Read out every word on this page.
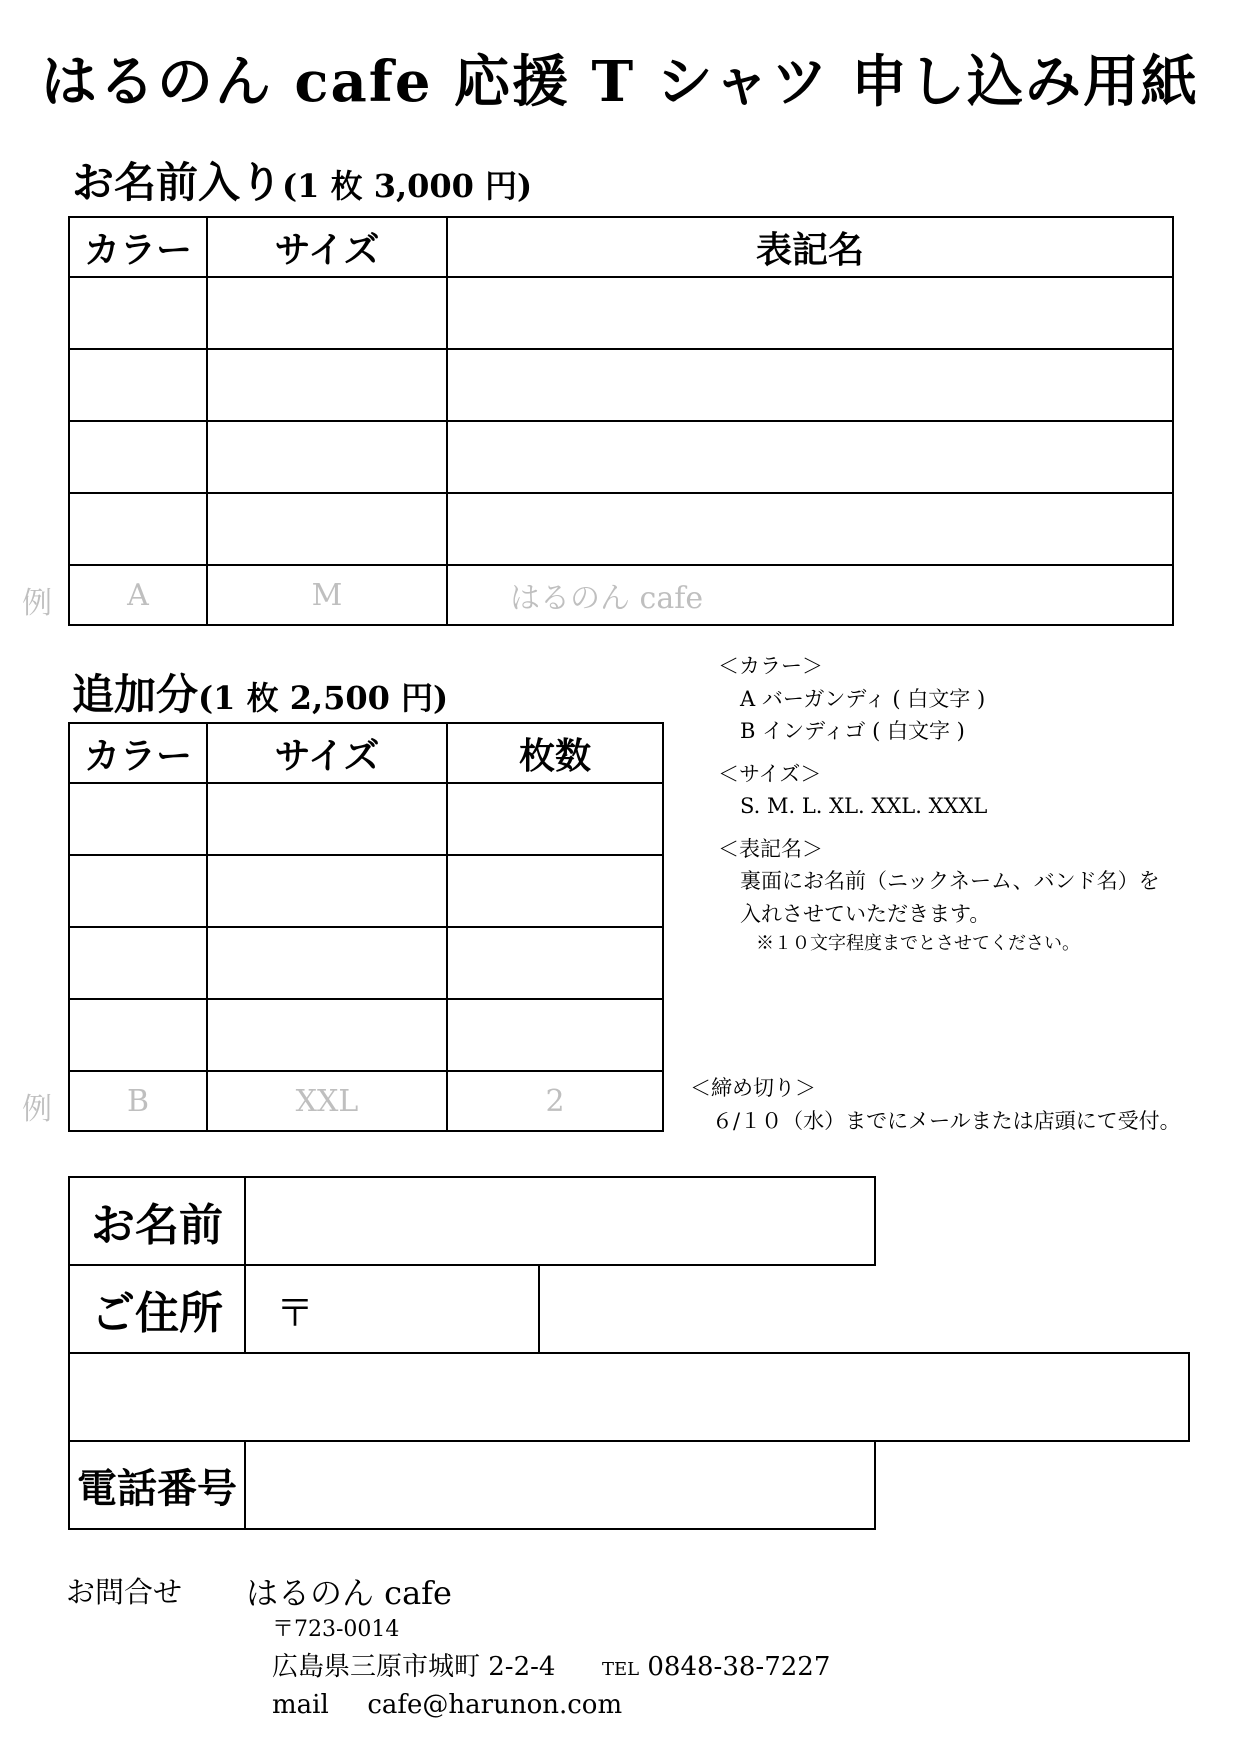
はるのん cafe 応援 T シャツ 申し込み用紙
お名前入り(1 枚 3,000 円)
カラー	サイズ	表記名

A	M	はるのん cafe
例
追加分(1 枚 2,500 円)
カラー	サイズ	枚数

B	XXL	2
例
＜カラー＞
A バーガンディ ( 白文字 )
B インディゴ ( 白文字 )
＜サイズ＞
S. M. L. XL. XXL. XXXL
＜表記名＞
裏面にお名前（ニックネーム、バンド名）を
入れさせていただきます。
※１０文字程度までとさせてください。
＜締め切り＞
６/１０（水）までにメールまたは店頭にて受付。
お名前
ご住所	〒
電話番号
お問合せ はるのん cafe
〒723-0014
広島県三原市城町 2-2-4	TEL 0848-38-7227
mail cafe@harunon.com
